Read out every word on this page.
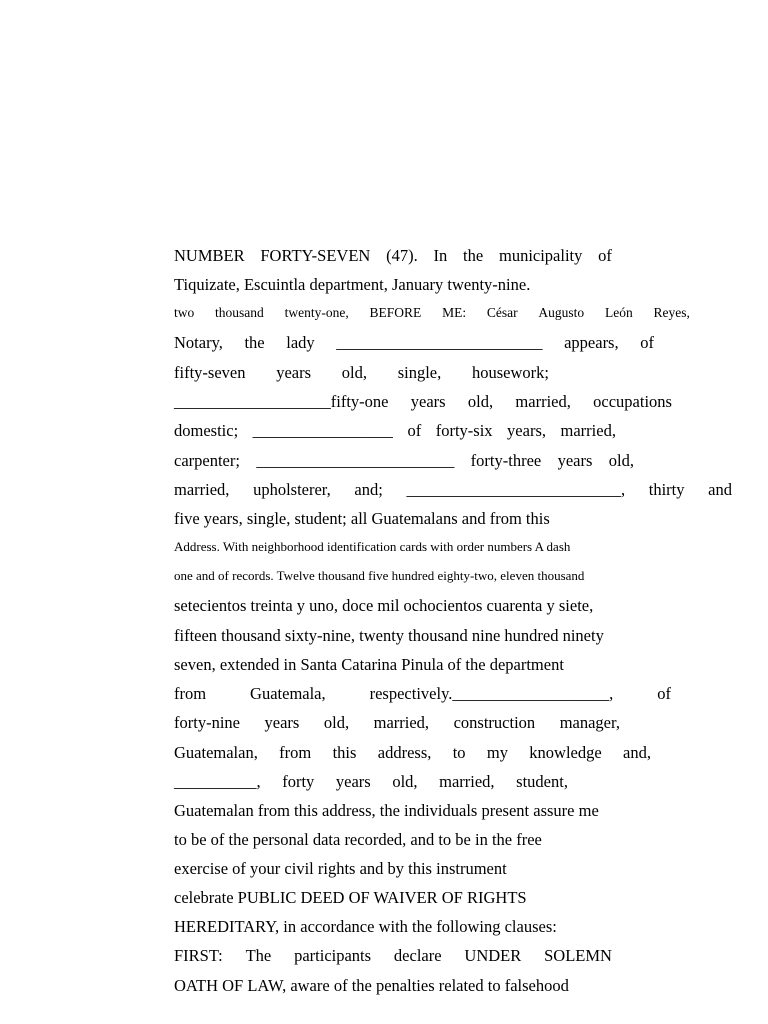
NUMBER FORTY-SEVEN (47). In the municipality of
Tiquizate, Escuintla department, January twenty-nine.
two thousand twenty-one, BEFORE ME: César Augusto León Reyes,
Notary, the lady _________________________ appears, of
fifty-seven years old, single, housework;
___________________fifty-one years old, married, occupations
domestic; _________________ of forty-six years, married,
carpenter; ________________________ forty-three years old,
married, upholsterer, and; __________________________, thirty and
five years, single, student; all Guatemalans and from this
Address. With neighborhood identification cards with order numbers A dash
one and of records. Twelve thousand five hundred eighty-two, eleven thousand
setecientos treinta y uno, doce mil ochocientos cuarenta y siete,
fifteen thousand sixty-nine, twenty thousand nine hundred ninety
seven, extended in Santa Catarina Pinula of the department
from	Guatemala,	respectively.___________________,	of
forty-nine years old, married, construction manager,
Guatemalan, from this address, to my knowledge and,
__________, forty years old, married, student,
Guatemalan from this address, the individuals present assure me
to be of the personal data recorded, and to be in the free
exercise of your civil rights and by this instrument
celebrate PUBLIC DEED OF WAIVER OF RIGHTS
HEREDITARY, in accordance with the following clauses:
FIRST: The participants declare UNDER SOLEMN
OATH OF LAW, aware of the penalties related to falsehood
